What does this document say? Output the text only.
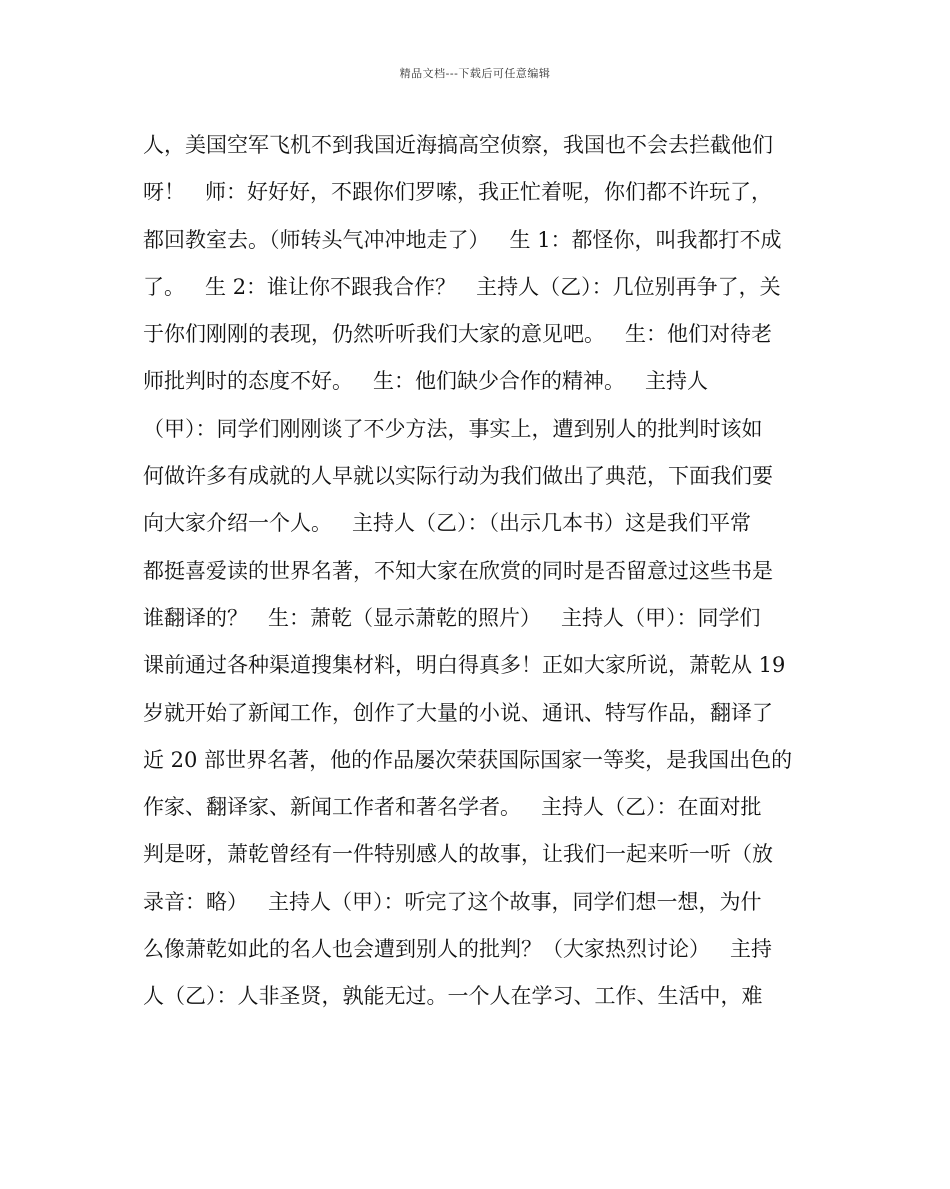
精品文档---下载后可任意编辑
人，美国空军飞机不到我国近海搞高空侦察，我国也不会去拦截他们
呀！   师：好好好，不跟你们罗嗦，我正忙着呢，你们都不许玩了，
都回教室去。（师转头气冲冲地走了）   生 1：都怪你，叫我都打不成
了。   生 2：谁让你不跟我合作？   主持人（乙）：几位别再争了，关
于你们刚刚的表现，仍然听听我们大家的意见吧。   生：他们对待老
师批判时的态度不好。   生：他们缺少合作的精神。   主持人
（甲）：同学们刚刚谈了不少方法，事实上，遭到别人的批判时该如
何做许多有成就的人早就以实际行动为我们做出了典范，下面我们要
向大家介绍一个人。   主持人（乙）：（出示几本书）这是我们平常
都挺喜爱读的世界名著，不知大家在欣赏的同时是否留意过这些书是
谁翻译的？   生：萧乾（显示萧乾的照片）   主持人（甲）：同学们
课前通过各种渠道搜集材料，明白得真多！正如大家所说，萧乾从 19
岁就开始了新闻工作，创作了大量的小说、通讯、特写作品，翻译了
近 20 部世界名著，他的作品屡次荣获国际国家一等奖，是我国出色的
作家、翻译家、新闻工作者和著名学者。   主持人（乙）：在面对批
判是呀，萧乾曾经有一件特别感人的故事，让我们一起来听一听（放
录音：略）   主持人（甲）：听完了这个故事，同学们想一想，为什
么像萧乾如此的名人也会遭到别人的批判？（大家热烈讨论）   主持
人（乙）：人非圣贤，孰能无过。一个人在学习、工作、生活中，难
